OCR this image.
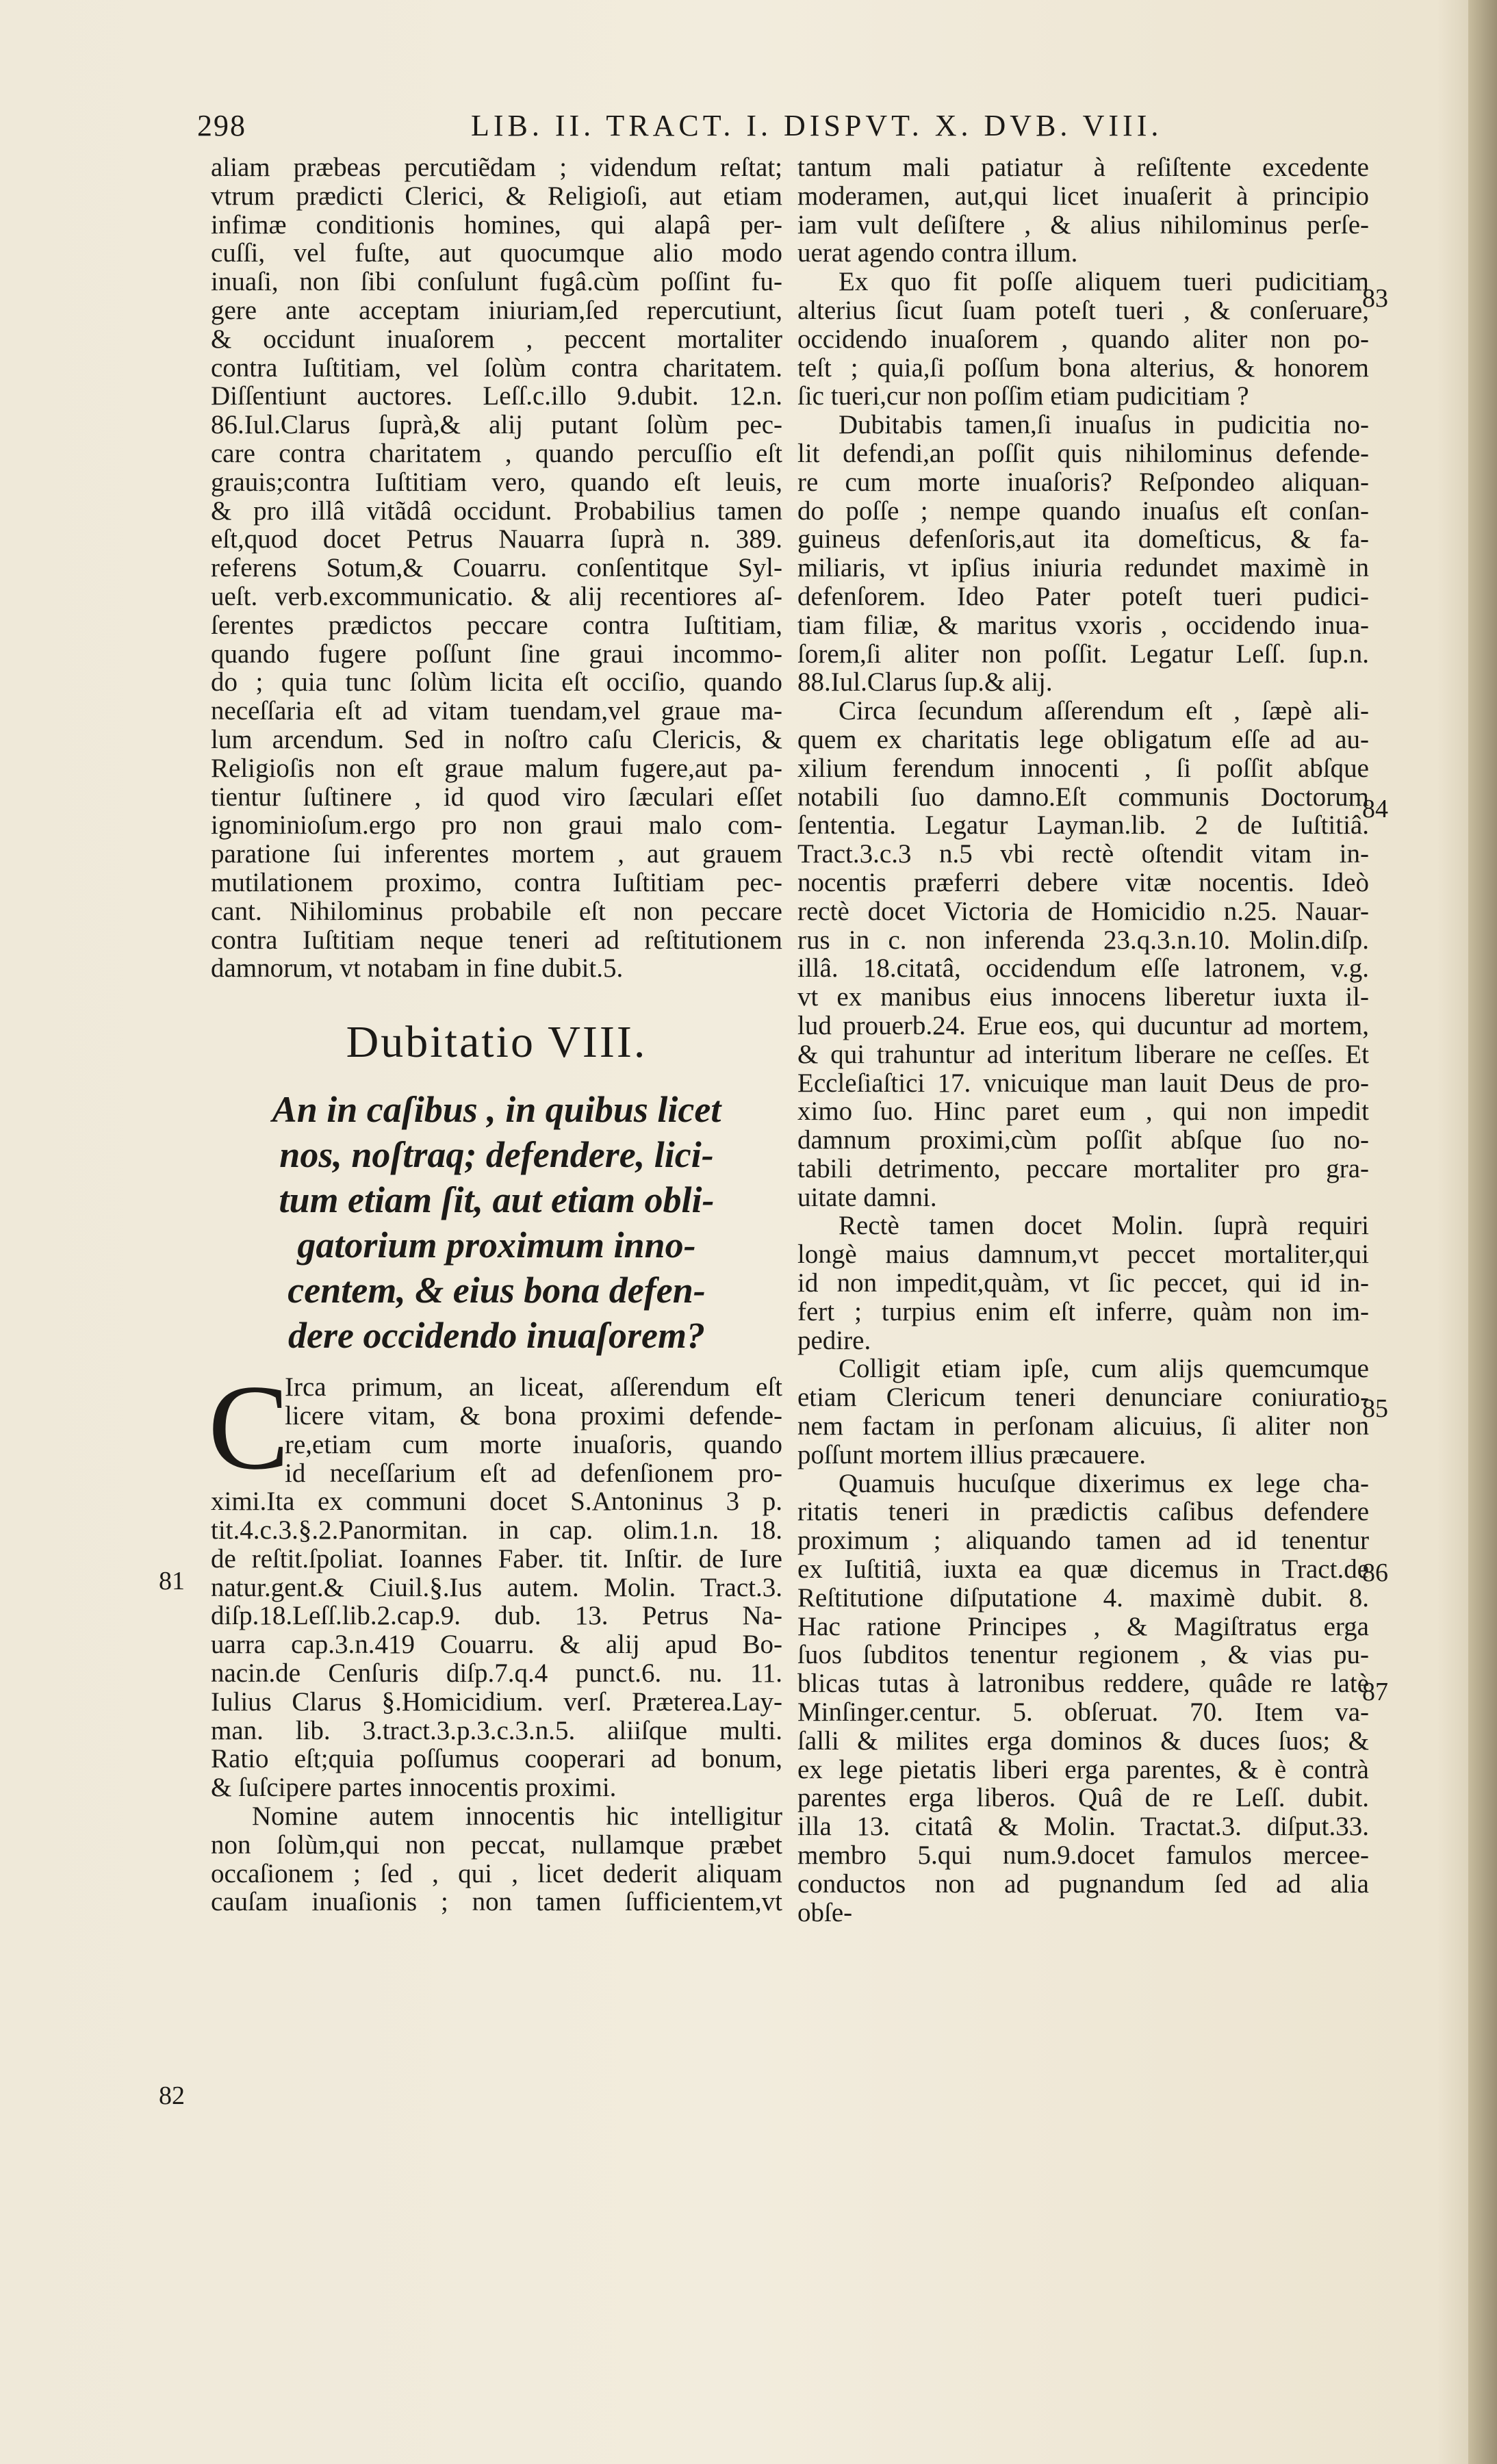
298	LIB. II. TRACT. I. DISPVT. X. DVB. VIII.
aliam præbeas percutiẽdam ; videndum reſtat;
vtrum prædicti Clerici, & Religioſi, aut etiam
infimæ conditionis homines, qui alapâ per-
cuſſi, vel fuſte, aut quocumque alio modo
inuaſi, non ſibi conſulunt fugâ.cùm poſſint fu-
gere ante acceptam iniuriam,ſed repercutiunt,
& occidunt inuaſorem , peccent mortaliter
contra Iuſtitiam, vel ſolùm contra charitatem.
Diſſentiunt auctores. Leſſ.c.illo 9.dubit. 12.n.
86.Iul.Clarus ſuprà,& alij putant ſolùm pec-
care contra charitatem , quando percuſſio eſt
grauis;contra Iuſtitiam vero, quando eſt leuis,
& pro illâ vitãdâ occidunt. Probabilius tamen
eſt,quod docet Petrus Nauarra ſuprà n. 389.
referens Sotum,& Couarru. conſentitque Syl-
ueſt. verb.excommunicatio. & alij recentiores aſ-
ſerentes prædictos peccare contra Iuſtitiam,
quando fugere poſſunt ſine graui incommo-
do ; quia tunc ſolùm licita eſt occiſio, quando
neceſſaria eſt ad vitam tuendam,vel graue ma-
lum arcendum. Sed in noſtro caſu Clericis, &
Religioſis non eſt graue malum fugere,aut pa-
tientur ſuſtinere , id quod viro ſæculari eſſet
ignominioſum.ergo pro non graui malo com-
paratione ſui inferentes mortem , aut grauem
mutilationem proximo, contra Iuſtitiam pec-
cant. Nihilominus probabile eſt non peccare
contra Iuſtitiam neque teneri ad reſtitutionem
damnorum, vt notabam in fine dubit.5.
Dubitatio VIII.
An in caſibus , in quibus licet
nos, noſtraq; defendere, lici-
tum etiam ſit, aut etiam obli-
gatorium proximum inno-
centem, & eius bona defen-
dere occidendo inuaſorem?
C
Irca primum, an liceat, aſſerendum eſt
licere vitam, & bona proximi defende-
re,etiam cum morte inuaſoris, quando
id neceſſarium eſt ad defenſionem pro-
ximi.Ita ex communi docet S.Antoninus 3 p.
tit.4.c.3.§.2.Panormitan. in cap. olim.1.n. 18.
de reſtit.ſpoliat. Ioannes Faber. tit. Inſtir. de Iure
natur.gent.& Ciuil.§.Ius autem. Molin. Tract.3.
diſp.18.Leſſ.lib.2.cap.9. dub. 13. Petrus Na-
uarra cap.3.n.419 Couarru. & alij apud Bo-
nacin.de Cenſuris diſp.7.q.4 punct.6. nu. 11.
Iulius Clarus §.Homicidium. verſ. Præterea.Lay-
man. lib. 3.tract.3.p.3.c.3.n.5. aliiſque multi.
Ratio eſt;quia poſſumus cooperari ad bonum,
& ſuſcipere partes innocentis proximi.
Nomine autem innocentis hic intelligitur
non ſolùm,qui non peccat, nullamque præbet
occaſionem ; ſed , qui , licet dederit aliquam
cauſam inuaſionis ; non tamen ſufficientem,vt
tantum mali patiatur à reſiſtente excedente
moderamen, aut,qui licet inuaſerit à principio
iam vult deſiſtere , & alius nihilominus perſe-
uerat agendo contra illum.
Ex quo fit poſſe aliquem tueri pudicitiam
alterius ſicut ſuam poteſt tueri , & conſeruare,
occidendo inuaſorem , quando aliter non po-
teſt ; quia,ſi poſſum bona alterius, & honorem
ſic tueri,cur non poſſim etiam pudicitiam ?
Dubitabis tamen,ſi inuaſus in pudicitia no-
lit defendi,an poſſit quis nihilominus defende-
re cum morte inuaſoris? Reſpondeo aliquan-
do poſſe ; nempe quando inuaſus eſt conſan-
guineus defenſoris,aut ita domeſticus, & fa-
miliaris, vt ipſius iniuria redundet maximè in
defenſorem. Ideo Pater poteſt tueri pudici-
tiam filiæ, & maritus vxoris , occidendo inua-
ſorem,ſi aliter non poſſit. Legatur Leſſ. ſup.n.
88.Iul.Clarus ſup.& alij.
Circa ſecundum aſſerendum eſt , ſæpè ali-
quem ex charitatis lege obligatum eſſe ad au-
xilium ferendum innocenti , ſi poſſit abſque
notabili ſuo damno.Eſt communis Doctorum
ſententia. Legatur Layman.lib. 2 de Iuſtitiâ.
Tract.3.c.3 n.5 vbi rectè oſtendit vitam in-
nocentis præferri debere vitæ nocentis. Ideò
rectè docet Victoria de Homicidio n.25. Nauar-
rus in c. non inferenda 23.q.3.n.10. Molin.diſp.
illâ. 18.citatâ, occidendum eſſe latronem, v.g.
vt ex manibus eius innocens liberetur iuxta il-
lud prouerb.24. Erue eos, qui ducuntur ad mortem,
& qui trahuntur ad interitum liberare ne ceſſes. Et
Eccleſiaſtici 17. vnicuique man lauit Deus de pro-
ximo ſuo. Hinc paret eum , qui non impedit
damnum proximi,cùm poſſit abſque ſuo no-
tabili detrimento, peccare mortaliter pro gra-
uitate damni.
Rectè tamen docet Molin. ſuprà requiri
longè maius damnum,vt peccet mortaliter,qui
id non impedit,quàm, vt ſic peccet, qui id in-
fert ; turpius enim eſt inferre, quàm non im-
pedire.
Colligit etiam ipſe, cum alijs quemcumque
etiam Clericum teneri denunciare coniuratio-
nem factam in perſonam alicuius, ſi aliter non
poſſunt mortem illius præcauere.
Quamuis hucuſque dixerimus ex lege cha-
ritatis teneri in prædictis caſibus defendere
proximum ; aliquando tamen ad id tenentur
ex Iuſtitiâ, iuxta ea quæ dicemus in Tract.de
Reſtitutione diſputatione 4. maximè dubit. 8.
Hac ratione Principes , & Magiſtratus erga
ſuos ſubditos tenentur regionem , & vias pu-
blicas tutas à latronibus reddere, quâde re latè
Minſinger.centur. 5. obſeruat. 70. Item va-
ſalli & milites erga dominos & duces ſuos; &
ex lege pietatis liberi erga parentes, & è contrà
parentes erga liberos. Quâ de re Leſſ. dubit.
illa 13. citatâ & Molin. Tractat.3. diſput.33.
membro 5.qui num.9.docet famulos mercee-
conductos non ad pugnandum ſed ad alia
obſe-
81
82
83
84
85
86
87
